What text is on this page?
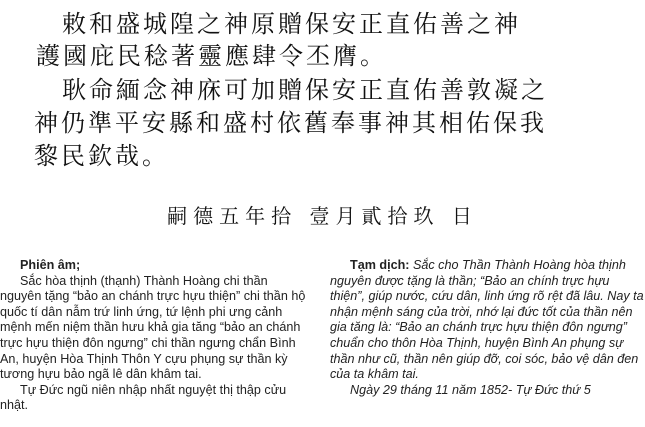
敕和盛城隍之神原贈保安正直佑善之神
護國庇民稔著靈應肆令丕膺。
耿命緬念神庥可加贈保安正直佑善敦凝之
神仍準平安縣和盛村依舊奉事神其相佑保我
黎民欽哉。
嗣德五年拾 壹月貳拾玖 日
Phiên âm;

Sắc hòa thịnh (thạnh) Thành Hoàng chi thần nguyên tặng “bảo an chánh trực hựu thiện” chi thần hộ quốc tí dân nẫm trứ linh ứng, tứ lệnh phi ưng cảnh mệnh mến niệm thần hưu khả gia tăng “bảo an chánh trực hựu thiện đôn ngưng” chi thần ngưng chẩn Bình An, huyện Hòa Thịnh Thôn Y cựu phụng sự thần kỳ tương hựu bảo ngã lê dân khâm tai.

Tự Đức ngũ niên nhập nhất nguyệt thị thập cửu nhật.

Tạm dịch: Sắc cho Thần Thành Hoàng hòa thịnh nguyên được tặng là thần; “Bảo an chính trực hựu thiện”, giúp nước, cứu dân, linh ứng rõ rệt đã lâu. Nay ta nhận mệnh sáng của trời, nhớ lại đức tốt của thần nên gia tăng là: “Bảo an chánh trực hựu thiện đôn ngưng” chuẩn cho thôn Hòa Thịnh, huyện Bình An phụng sự thần như cũ, thần nên giúp đỡ, coi sóc, bảo vệ dân đen của ta khâm tai.

Ngày 29 tháng 11 năm 1852- Tự Đức thứ 5
